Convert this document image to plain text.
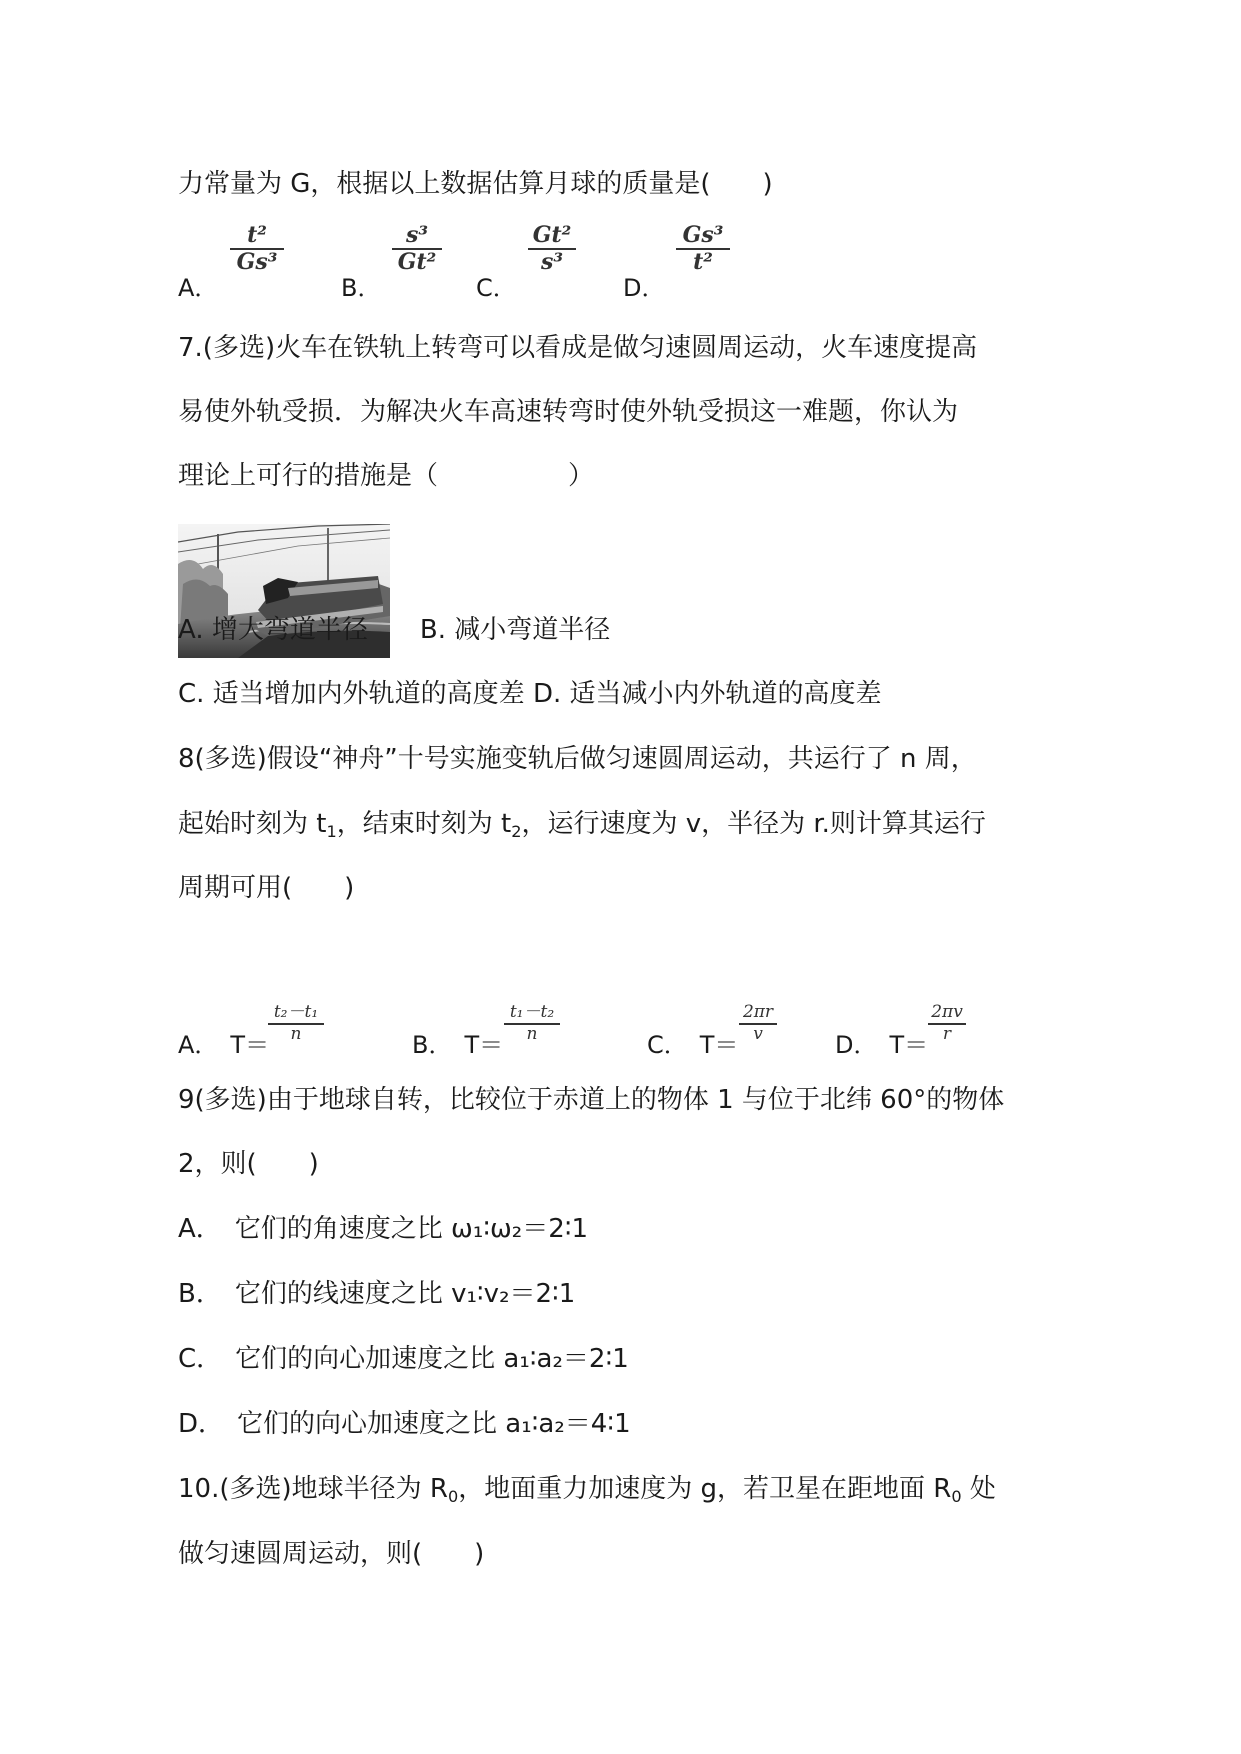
力常量为 G，根据以上数据估算月球的质量是(　　)
A．
t²
Gs³
B．
s³
Gt²
C．
Gt²
s³
D．
Gs³
t²
7.(多选)火车在铁轨上转弯可以看成是做匀速圆周运动，火车速度提高
易使外轨受损．为解决火车高速转弯时使外轨受损这一难题，你认为
理论上可行的措施是（　　　　　）
A. 增大弯道半径　　B. 减小弯道半径
C. 适当增加内外轨道的高度差 D. 适当减小内外轨道的高度差
8(多选)假设“神舟”十号实施变轨后做匀速圆周运动，共运行了 n 周，
起始时刻为 $t_1$，结束时刻为 $t_2$，运行速度为 v，半径为 r.则计算其运行
周期可用(　　)
A．　T＝
t₂－t₁
n	B．　T＝
t₁－t₂
n	C．　T＝
2πr
v	D．　T＝
2πv
r
9(多选)由于地球自转，比较位于赤道上的物体 1 与位于北纬 60°的物体
2，则(　　)
A．　它们的角速度之比 ω₁∶ω₂＝2∶1
B．　它们的线速度之比 v₁∶v₂＝2∶1
C．　它们的向心加速度之比 a₁∶a₂＝2∶1
D．　它们的向心加速度之比 a₁∶a₂＝4∶1
10.(多选)地球半径为 $R_0$，地面重力加速度为 g，若卫星在距地面 $R_0$ 处
做匀速圆周运动，则(　　)
